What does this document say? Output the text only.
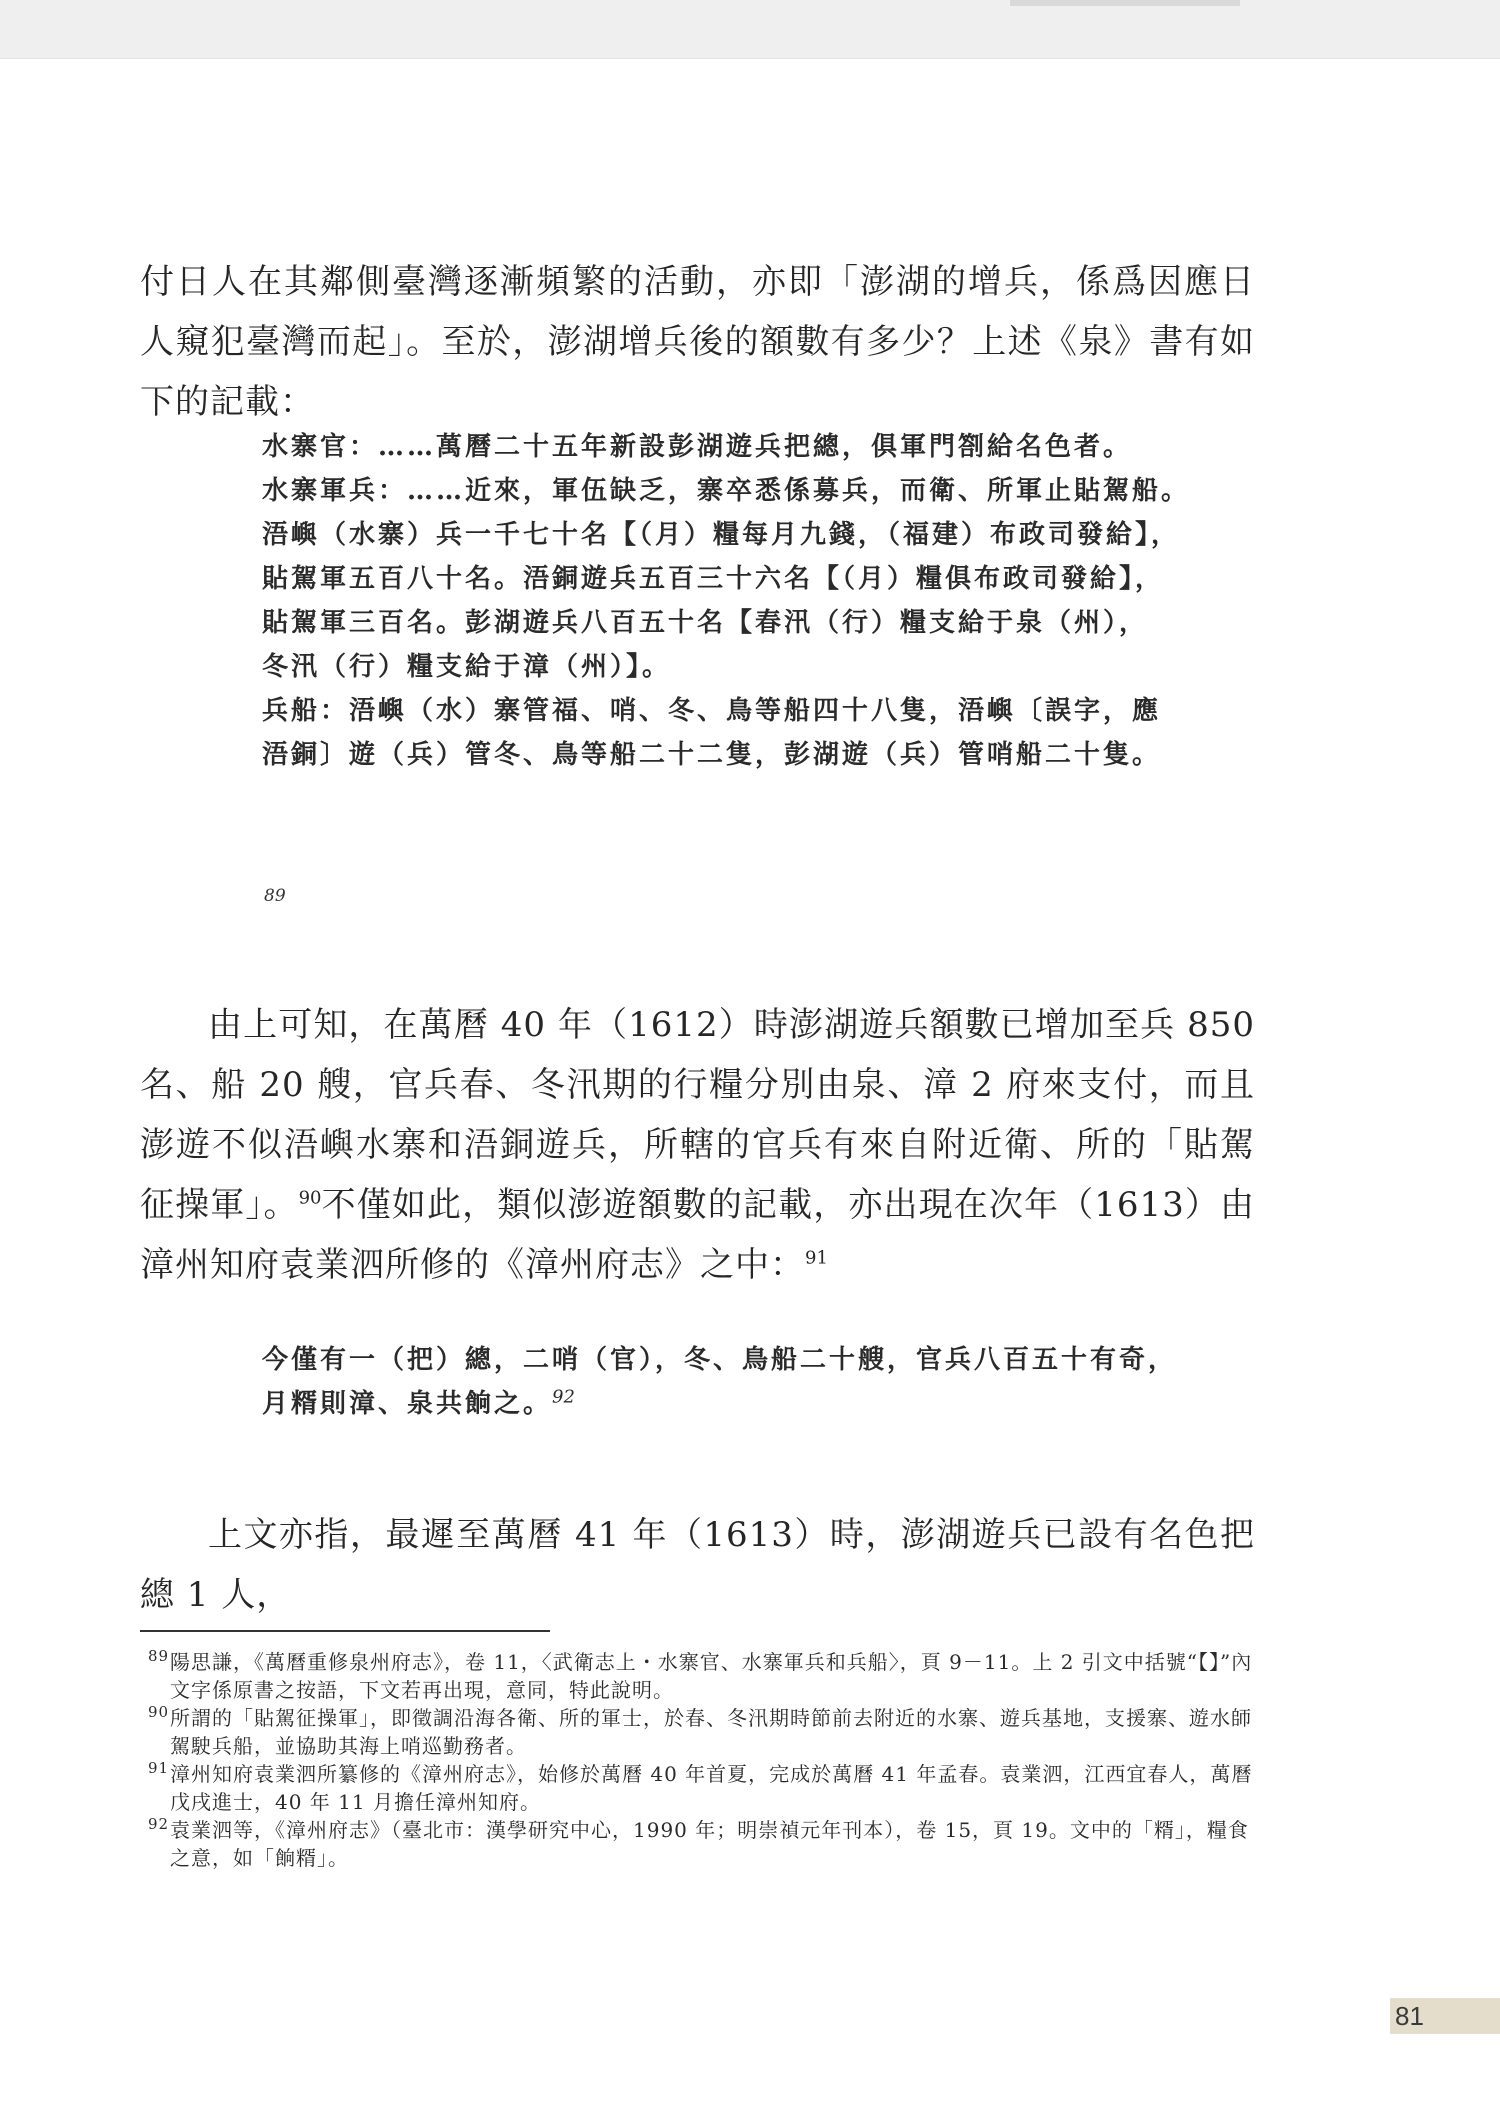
付日人在其鄰側臺灣逐漸頻繁的活動，亦即「澎湖的增兵，係爲因應日人窺犯臺灣而起」。至於，澎湖增兵後的額數有多少？上述《泉》書有如下的記載：
水寨官：……萬曆二十五年新設彭湖遊兵把總，俱軍門劄給名色者。
水寨軍兵：……近來，軍伍缺乏，寨卒悉係募兵，而衛、所軍止貼駕船。
浯嶼（水寨）兵一千七十名【（月）糧每月九錢，（福建）布政司發給】，
貼駕軍五百八十名。浯銅遊兵五百三十六名【（月）糧俱布政司發給】，
貼駕軍三百名。彭湖遊兵八百五十名【春汛（行）糧支給于泉（州），
冬汛（行）糧支給于漳（州）】。
兵船：浯嶼（水）寨管福、哨、冬、鳥等船四十八隻，浯嶼〔誤字，應
浯銅〕遊（兵）管冬、鳥等船二十二隻，彭湖遊（兵）管哨船二十隻。
89
由上可知，在萬曆 40 年（1612）時澎湖遊兵額數已增加至兵 850 名、船 20 艘，官兵春、冬汛期的行糧分別由泉、漳 2 府來支付，而且澎遊不似浯嶼水寨和浯銅遊兵，所轄的官兵有來自附近衛、所的「貼駕征操軍」。$^{90}$不僅如此，類似澎遊額數的記載，亦出現在次年（1613）由漳州知府袁業泗所修的《漳州府志》之中：$^{91}$
今僅有一（把）總，二哨（官），冬、鳥船二十艘，官兵八百五十有奇，
月糈則漳、泉共餉之。$^{92}$
上文亦指，最遲至萬曆 41 年（1613）時，澎湖遊兵已設有名色把總 1 人，
89 陽思謙，《萬曆重修泉州府志》，卷 11，〈武衛志上・水寨官、水寨軍兵和兵船〉，頁 9－11。上 2 引文中括號“【】”內文字係原書之按語，下文若再出現，意同，特此說明。
90 所謂的「貼駕征操軍」，即徵調沿海各衛、所的軍士，於春、冬汛期時節前去附近的水寨、遊兵基地，支援寨、遊水師駕駛兵船，並協助其海上哨巡勤務者。
91 漳州知府袁業泗所纂修的《漳州府志》，始修於萬曆 40 年首夏，完成於萬曆 41 年孟春。袁業泗，江西宜春人，萬曆戊戌進士，40 年 11 月擔任漳州知府。
92 袁業泗等，《漳州府志》（臺北市：漢學研究中心，1990 年；明崇禎元年刊本），卷 15，頁 19。文中的「糈」，糧食之意，如「餉糈」。
81
